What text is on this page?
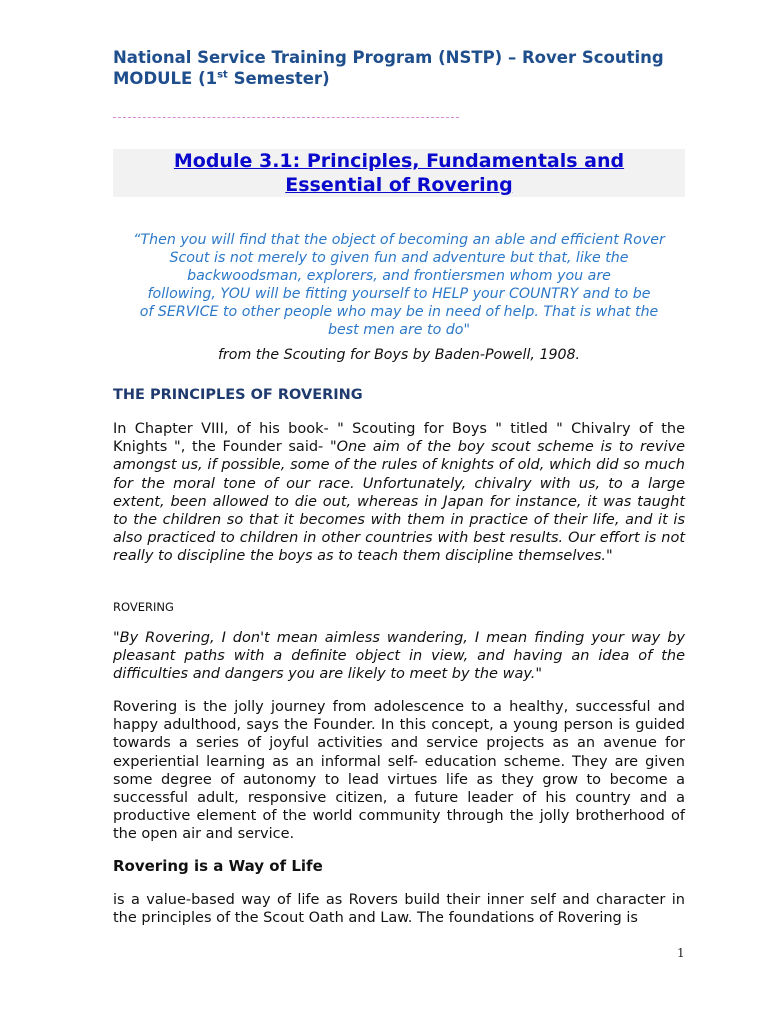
National Service Training Program (NSTP) – Rover Scouting
MODULE (1st Semester)
Module 3.1: Principles, Fundamentals and
Essential of Rovering
“Then you will find that the object of becoming an able and efficient Rover
Scout is not merely to given fun and adventure but that, like the
backwoodsman, explorers, and frontiersmen whom you are
following, YOU will be fitting yourself to HELP your COUNTRY and to be
of SERVICE to other people who may be in need of help. That is what the
best men are to do"
from the Scouting for Boys by Baden-Powell, 1908.
THE PRINCIPLES OF ROVERING
In Chapter VIII, of his book- " Scouting for Boys " titled " Chivalry of the Knights ", the Founder said- "One aim of the boy scout scheme is to revive amongst us, if possible, some of the rules of knights of old, which did so much for the moral tone of our race. Unfortunately, chivalry with us, to a large extent, been allowed to die out, whereas in Japan for instance, it was taught to the children so that it becomes with them in practice of their life, and it is also practiced to children in other countries with best results. Our effort is not really to discipline the boys as to teach them discipline themselves."
ROVERING
"By Rovering, I don't mean aimless wandering, I mean finding your way by pleasant paths with a definite object in view, and having an idea of the difficulties and dangers you are likely to meet by the way."
Rovering is the jolly journey from adolescence to a healthy, successful and happy adulthood, says the Founder. In this concept, a young person is guided towards a series of joyful activities and service projects as an avenue for experiential learning as an informal self- education scheme. They are given some degree of autonomy to lead virtues life as they grow to become a successful adult, responsive citizen, a future leader of his country and a productive element of the world community through the jolly brotherhood of the open air and service.
Rovering is a Way of Life
is a value-based way of life as Rovers build their inner self and character in the principles of the Scout Oath and Law. The foundations of Rovering is
1
